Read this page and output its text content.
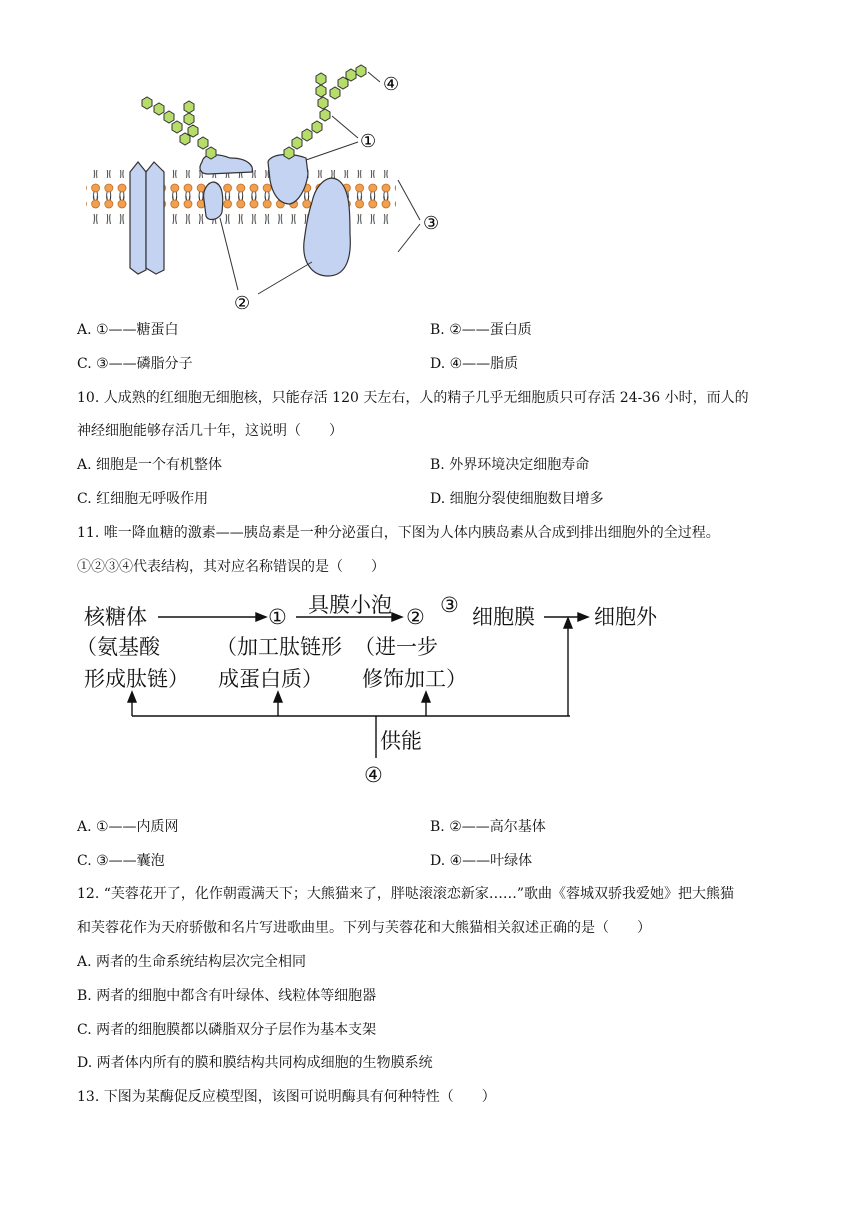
④
①
③
②
A. ①——糖蛋白	B. ②——蛋白质
C. ③——磷脂分子	D. ④——脂质
10. 人成熟的红细胞无细胞核，只能存活 120 天左右，人的精子几乎无细胞质只可存活 24-36 小时，而人的
神经细胞能够存活几十年，这说明（　　）
A. 细胞是一个有机整体	B. 外界环境决定细胞寿命
C. 红细胞无呼吸作用	D. 细胞分裂使细胞数目增多
11. 唯一降血糖的激素——胰岛素是一种分泌蛋白，下图为人体内胰岛素从合成到排出细胞外的全过程。
①②③④代表结构，其对应名称错误的是（　　）
核糖体
（氨基酸
形成肽链）
① 具膜小泡 ② ③ 细胞膜	细胞外
（加工肽链形
成蛋白质）
（进一步
修饰加工）
供能
④
A. ①——内质网	B. ②——高尔基体
C. ③——囊泡	D. ④——叶绿体
12. “芙蓉花开了，化作朝霞满天下；大熊猫来了，胖哒滚滚恋新家……”歌曲《蓉城双骄我爱她》把大熊猫
和芙蓉花作为天府骄傲和名片写进歌曲里。下列与芙蓉花和大熊猫相关叙述正确的是（　　）
A. 两者的生命系统结构层次完全相同
B. 两者的细胞中都含有叶绿体、线粒体等细胞器
C. 两者的细胞膜都以磷脂双分子层作为基本支架
D. 两者体内所有的膜和膜结构共同构成细胞的生物膜系统
13. 下图为某酶促反应模型图，该图可说明酶具有何种特性（　　）
